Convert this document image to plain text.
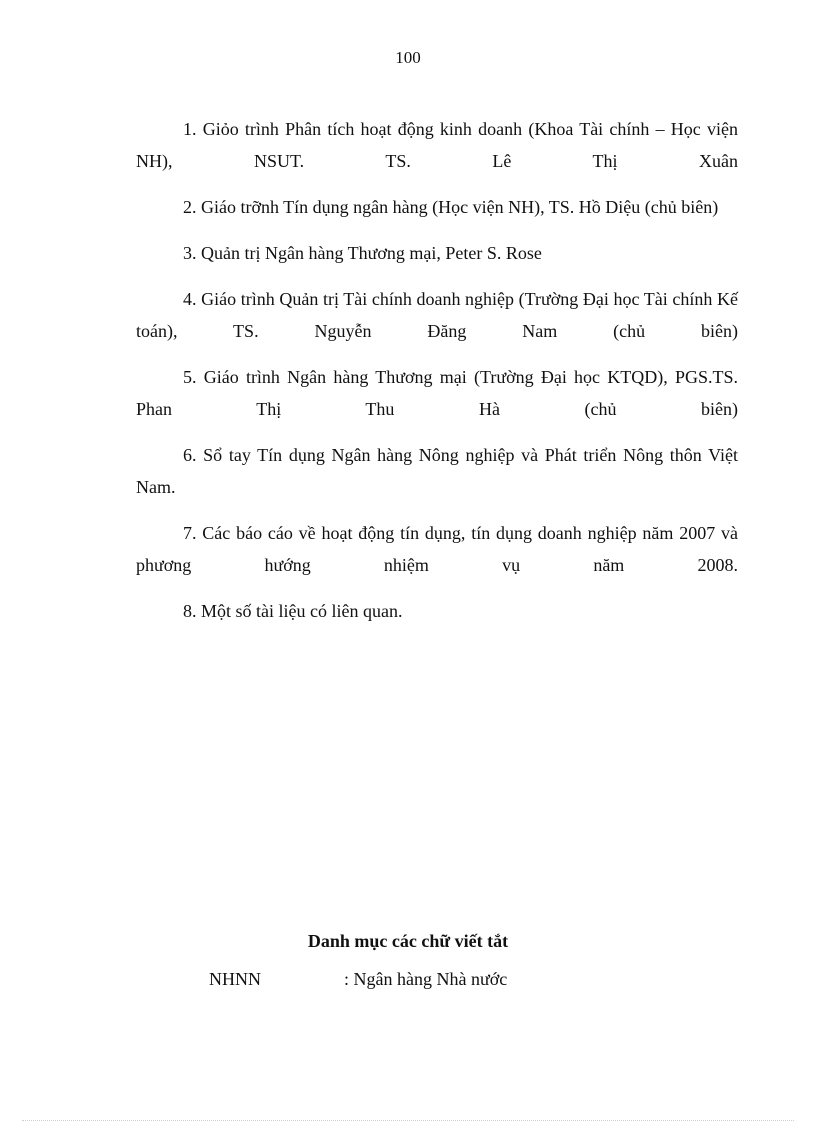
100

1. Giỏo trình Phân tích hoạt động kinh doanh (Khoa Tài chính – Học viện NH), NSUT. TS. Lê Thị Xuân

2. Giáo trỡnh Tín dụng ngân hàng (Học viện NH), TS. Hồ Diệu (chủ biên)

3. Quản trị Ngân hàng Thương mại, Peter S. Rose

4. Giáo trình Quản trị Tài chính doanh nghiệp (Trường Đại học Tài chính Kế toán), TS. Nguyễn Đăng Nam (chủ biên)

5. Giáo trình Ngân hàng Thương mại (Trường Đại học KTQD), PGS.TS. Phan Thị Thu Hà (chủ biên)

6. Sổ tay Tín dụng Ngân hàng Nông nghiệp và Phát triển Nông thôn Việt Nam.

7. Các báo cáo về hoạt động tín dụng, tín dụng doanh nghiệp năm 2007 và phương hướng nhiệm vụ năm 2008.

8. Một số tài liệu có liên quan.

Danh mục các chữ viết tắt
NHNN	: Ngân hàng Nhà nước
